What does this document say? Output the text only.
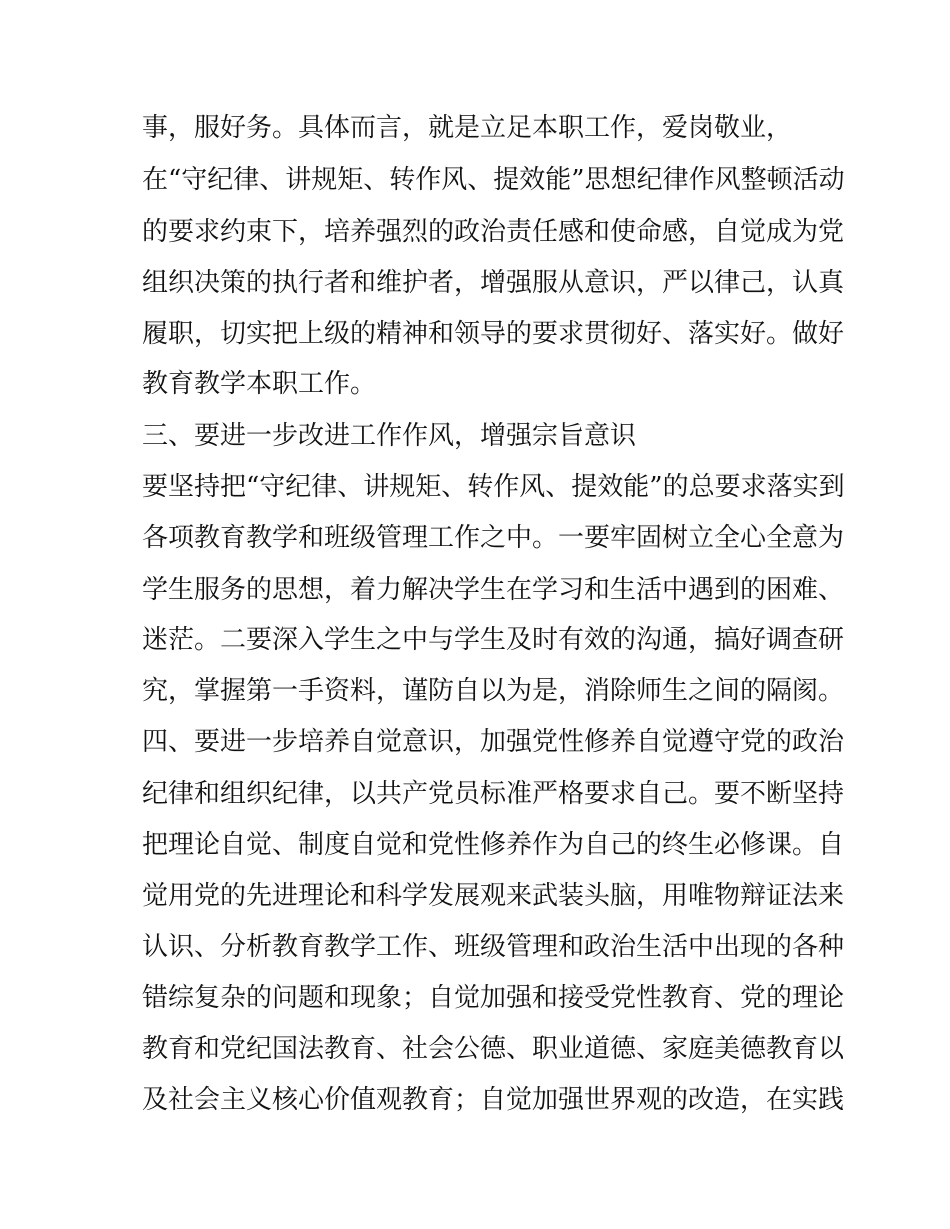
事，服好务。具体而言，就是立足本职工作，爱岗敬业，
在“守纪律、讲规矩、转作风、提效能”思想纪律作风整顿活动
的要求约束下，培养强烈的政治责任感和使命感，自觉成为党
组织决策的执行者和维护者，增强服从意识，严以律己，认真
履职，切实把上级的精神和领导的要求贯彻好、落实好。做好
教育教学本职工作。
三、要进一步改进工作作风，增强宗旨意识
要坚持把“守纪律、讲规矩、转作风、提效能”的总要求落实到
各项教育教学和班级管理工作之中。一要牢固树立全心全意为
学生服务的思想，着力解决学生在学习和生活中遇到的困难、
迷茫。二要深入学生之中与学生及时有效的沟通，搞好调查研
究，掌握第一手资料，谨防自以为是，消除师生之间的隔阂。
四、要进一步培养自觉意识，加强党性修养自觉遵守党的政治
纪律和组织纪律，以共产党员标准严格要求自己。要不断坚持
把理论自觉、制度自觉和党性修养作为自己的终生必修课。自
觉用党的先进理论和科学发展观来武装头脑，用唯物辩证法来
认识、分析教育教学工作、班级管理和政治生活中出现的各种
错综复杂的问题和现象；自觉加强和接受党性教育、党的理论
教育和党纪国法教育、社会公德、职业道德、家庭美德教育以
及社会主义核心价值观教育；自觉加强世界观的改造，在实践
